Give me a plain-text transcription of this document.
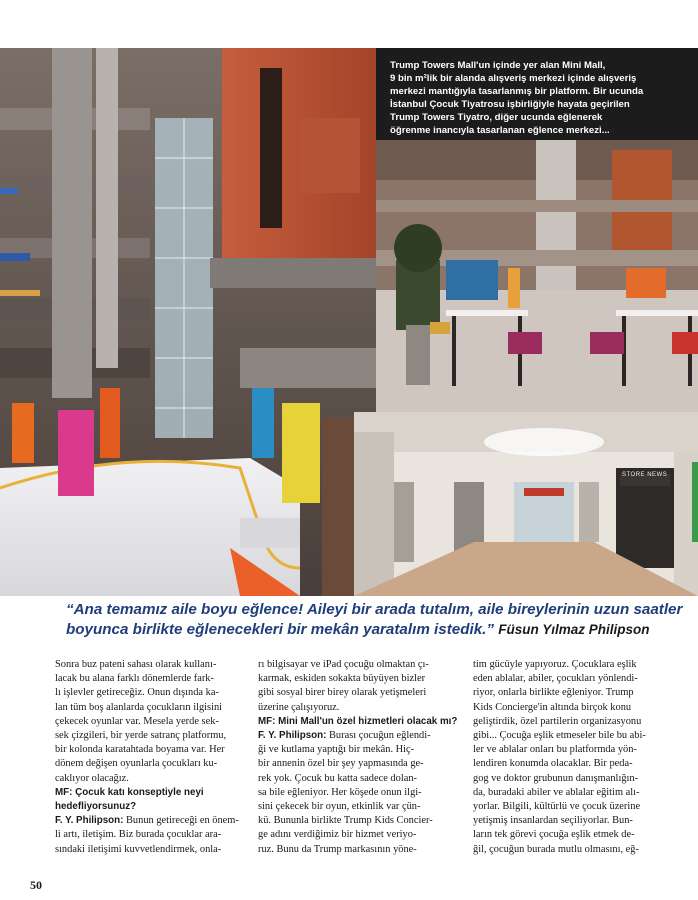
Trump Towers Mall'un içinde yer alan Mini Mall,
9 bin m²lik bir alanda alışveriş merkezi içinde alışveriş
merkezi mantığıyla tasarlanmış bir platform. Bir ucunda
İstanbul Çocuk Tiyatrosu işbirliğiyle hayata geçirilen
Trump Towers Tiyatro, diğer ucunda eğlenerek
öğrenme inancıyla tasarlanan eğlence merkezi...
STORE NEWS
“Ana temamız aile boyu eğlence! Aileyi bir arada tutalım, aile bireylerinin uzun saatler
boyunca birlikte eğlenecekleri bir mekân yaratalım istedik.” Füsun Yılmaz Philipson
Sonra buz pateni sahası olarak kullanı-
lacak bu alana farklı dönemlerde fark-
lı işlevler getireceğiz. Onun dışında ka-
lan tüm boş alanlarda çocukların ilgisini
çekecek oyunlar var. Mesela yerde sek-
sek çizgileri, bir yerde satranç platformu,
bir kolonda karatahtada boyama var. Her
dönem değişen oyunlarla çocukları ku-
caklıyor olacağız.
MF: Çocuk katı konseptiyle neyi
hedefliyorsunuz?
F. Y. Philipson: Bunun getireceği en önem-
li artı, iletişim. Biz burada çocuklar ara-
sındaki iletişimi kuvvetlendirmek, onla-
rı bilgisayar ve iPad çocuğu olmaktan çı-
karmak, eskiden sokakta büyüyen bizler
gibi sosyal birer birey olarak yetişmeleri
üzerine çalışıyoruz.
MF: Mini Mall'un özel hizmetleri olacak mı?
F. Y. Philipson: Burası çocuğun eğlendi-
ği ve kutlama yaptığı bir mekân. Hiç-
bir annenin özel bir şey yapmasında ge-
rek yok. Çocuk bu katta sadece dolan-
sa bile eğleniyor. Her köşede onun ilgi-
sini çekecek bir oyun, etkinlik var çün-
kü. Bununla birlikte Trump Kids Concier-
ge adını verdiğimiz bir hizmet veriyo-
ruz. Bunu da Trump markasının yöne-
tim gücüyle yapıyoruz. Çocuklara eşlik
eden ablalar, abiler, çocukları yönlendi-
riyor, onlarla birlikte eğleniyor. Trump
Kids Concierge'in altında birçok konu
geliştirdik, özel partilerin organizasyonu
gibi... Çocuğa eşlik etmeseler bile bu abi-
ler ve ablalar onları bu platformda yön-
lendiren konumda olacaklar. Bir peda-
gog ve doktor grubunun danışmanlığın-
da, buradaki abiler ve ablalar eğitim alı-
yorlar. Bilgili, kültürlü ve çocuk üzerine
yetişmiş insanlardan seçiliyorlar. Bun-
ların tek görevi çocuğa eşlik etmek de-
ğil, çocuğun burada mutlu olmasını, eğ-
50
